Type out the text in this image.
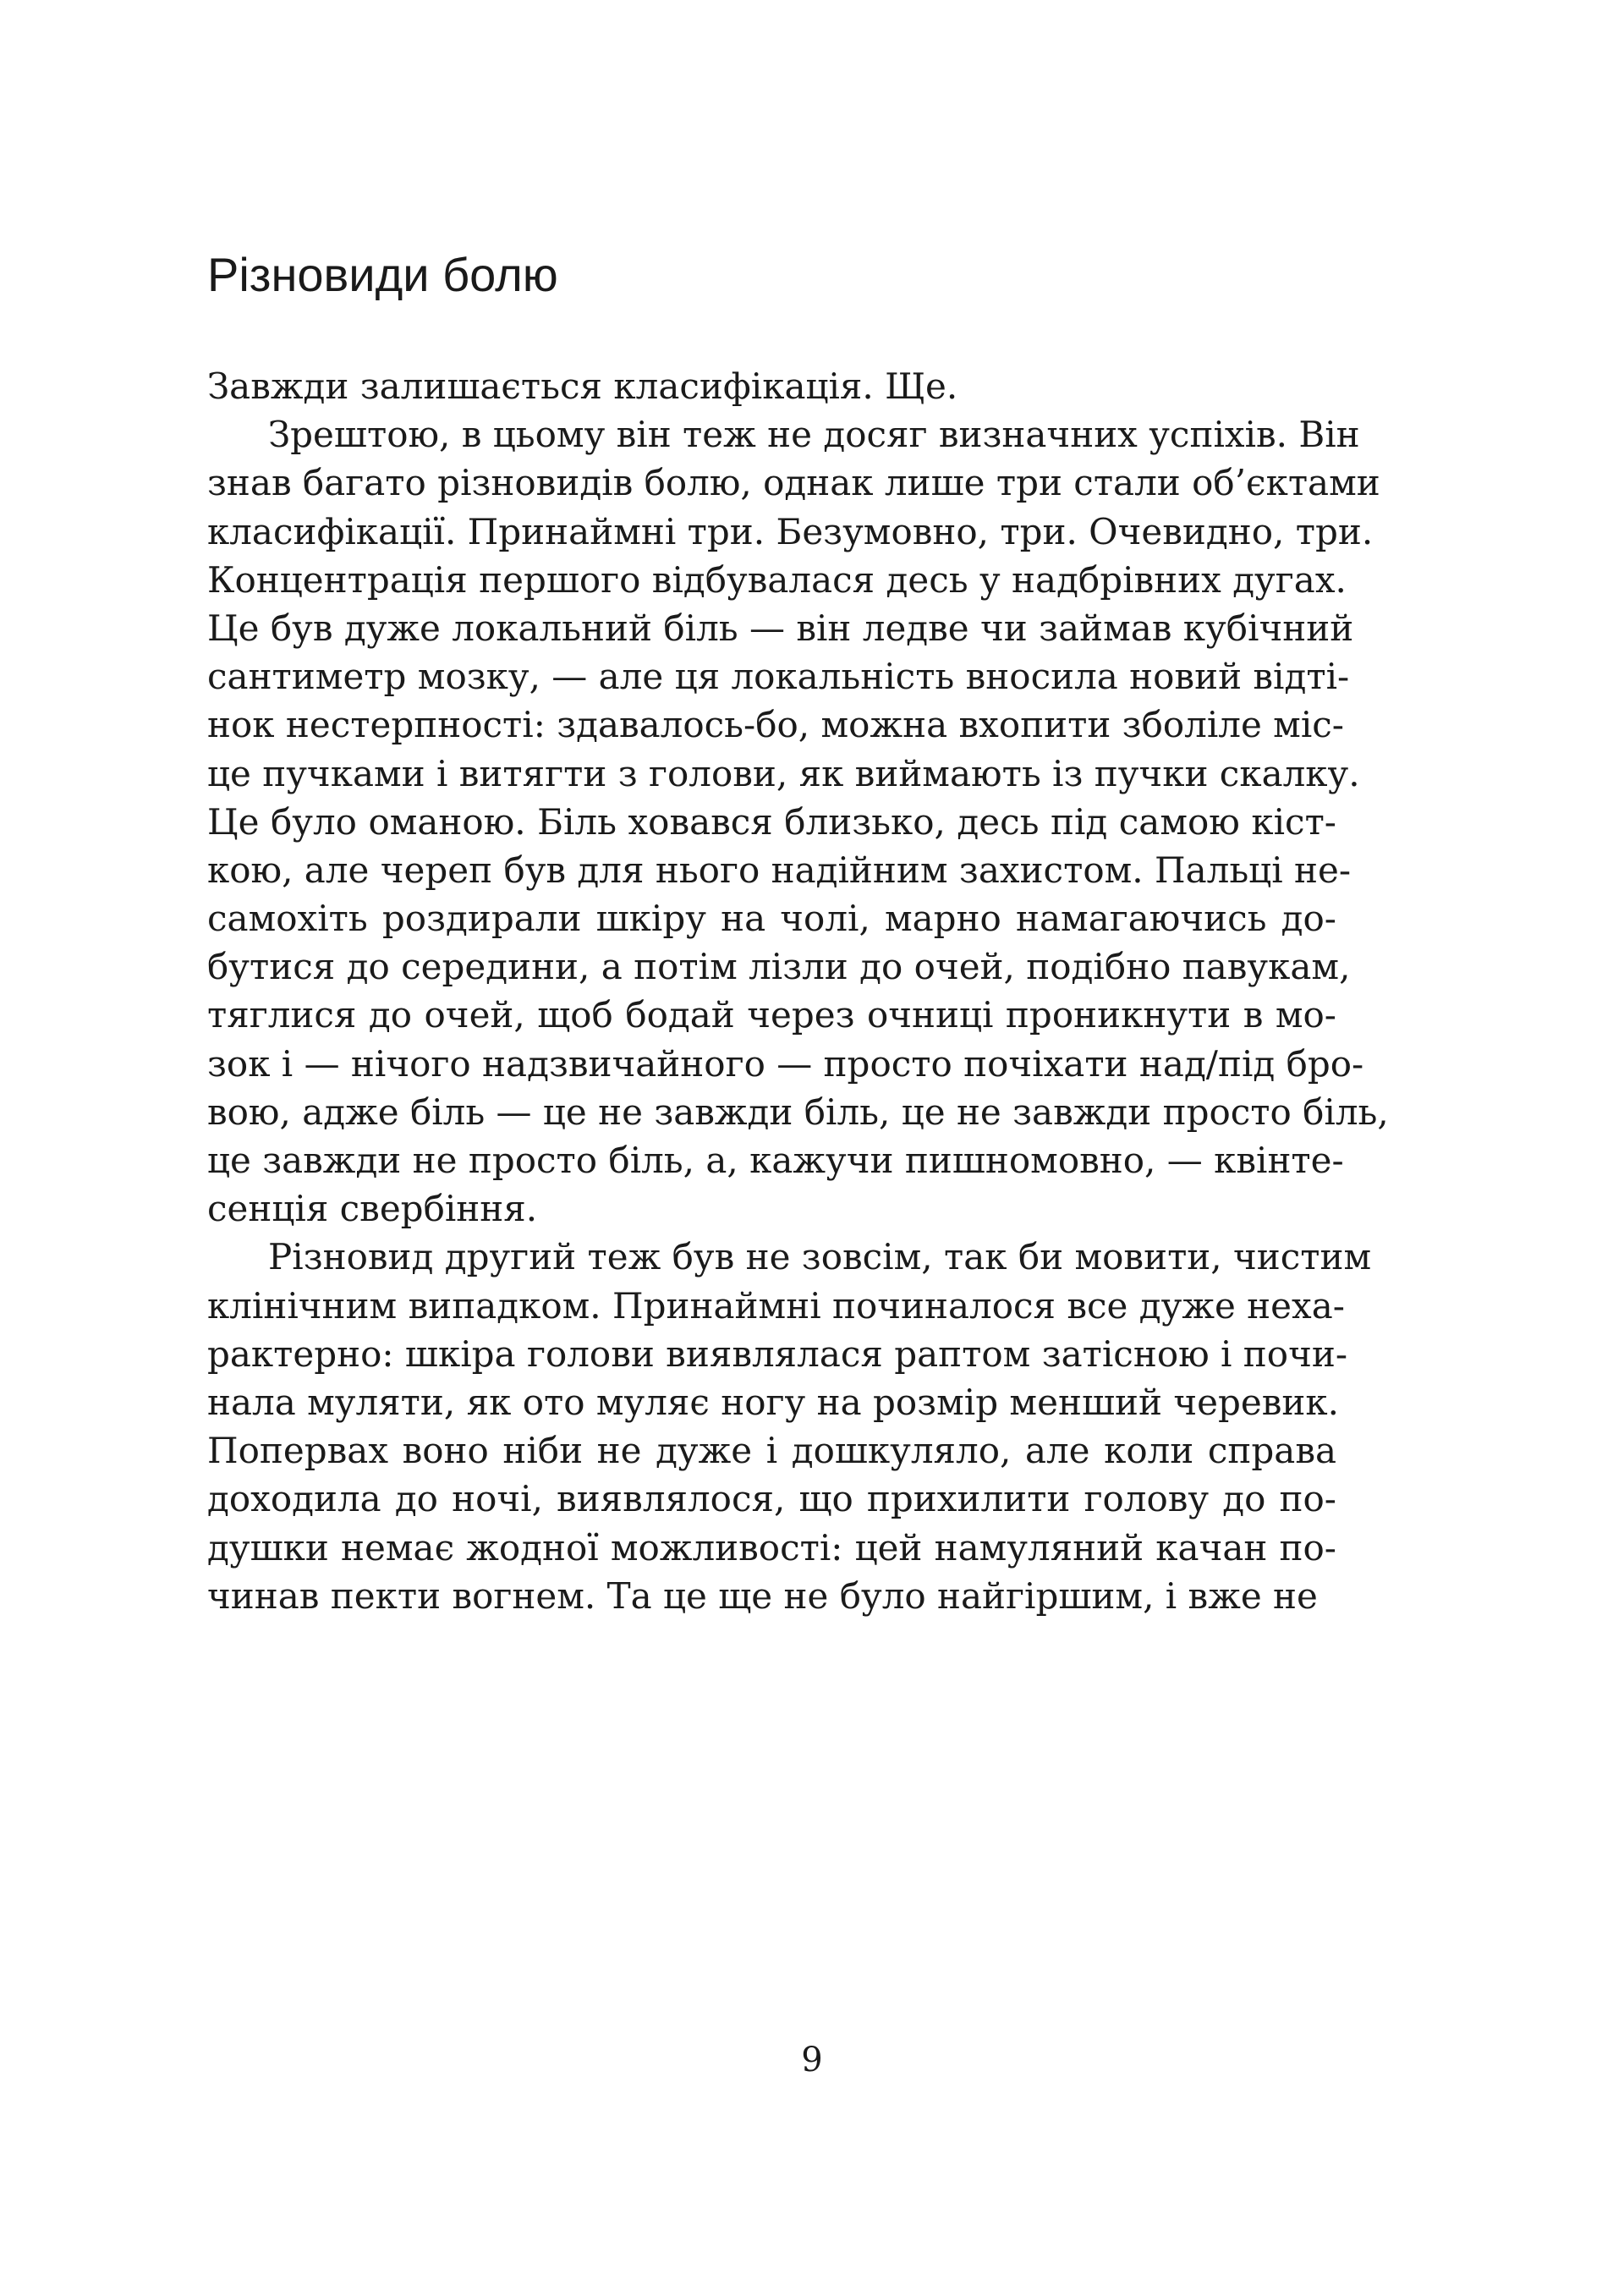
Різновиди болю
Завжди залишається класифікація. Ще.
Зрештою, в цьому він теж не досяг визначних успіхів. Він
знав багато різновидів болю, однак лише три стали об’єктами
класифікації. Принаймні три. Безумовно, три. Очевидно, три.
Концентрація першого відбувалася десь у надбрівних дугах.
Це був дуже локальний біль — він ледве чи займав кубічний
сантиметр мозку, — але ця локальність вносила новий відті-
нок нестерпності: здавалось-бо, можна вхопити зболіле міс-
це пучками і витягти з голови, як виймають із пучки скалку.
Це було оманою. Біль ховався близько, десь під самою кіст-
кою, але череп був для нього надійним захистом. Пальці не-
самохіть роздирали шкіру на чолі, марно намагаючись до-
бутися до середини, а потім лізли до очей, подібно павукам,
тяглися до очей, щоб бодай через очниці проникнути в мо-
зок і — нічого надзвичайного — просто почіхати над/під бро-
вою, адже біль — це не завжди біль, це не завжди просто біль,
це завжди не просто біль, а, кажучи пишномовно, — квінте-
сенція свербіння.
Різновид другий теж був не зовсім, так би мовити, чистим
клінічним випадком. Принаймні починалося все дуже неха-
рактерно: шкіра голови виявлялася раптом затісною і почи-
нала муляти, як ото муляє ногу на розмір менший черевик.
Поперваx воно ніби не дуже і дошкуляло, але коли справа
доходила до ночі, виявлялося, що прихилити голову до по-
душки немає жодної можливості: цей намуляний качан по-
чинав пекти вогнем. Та це ще не було найгіршим, і вже не
9
